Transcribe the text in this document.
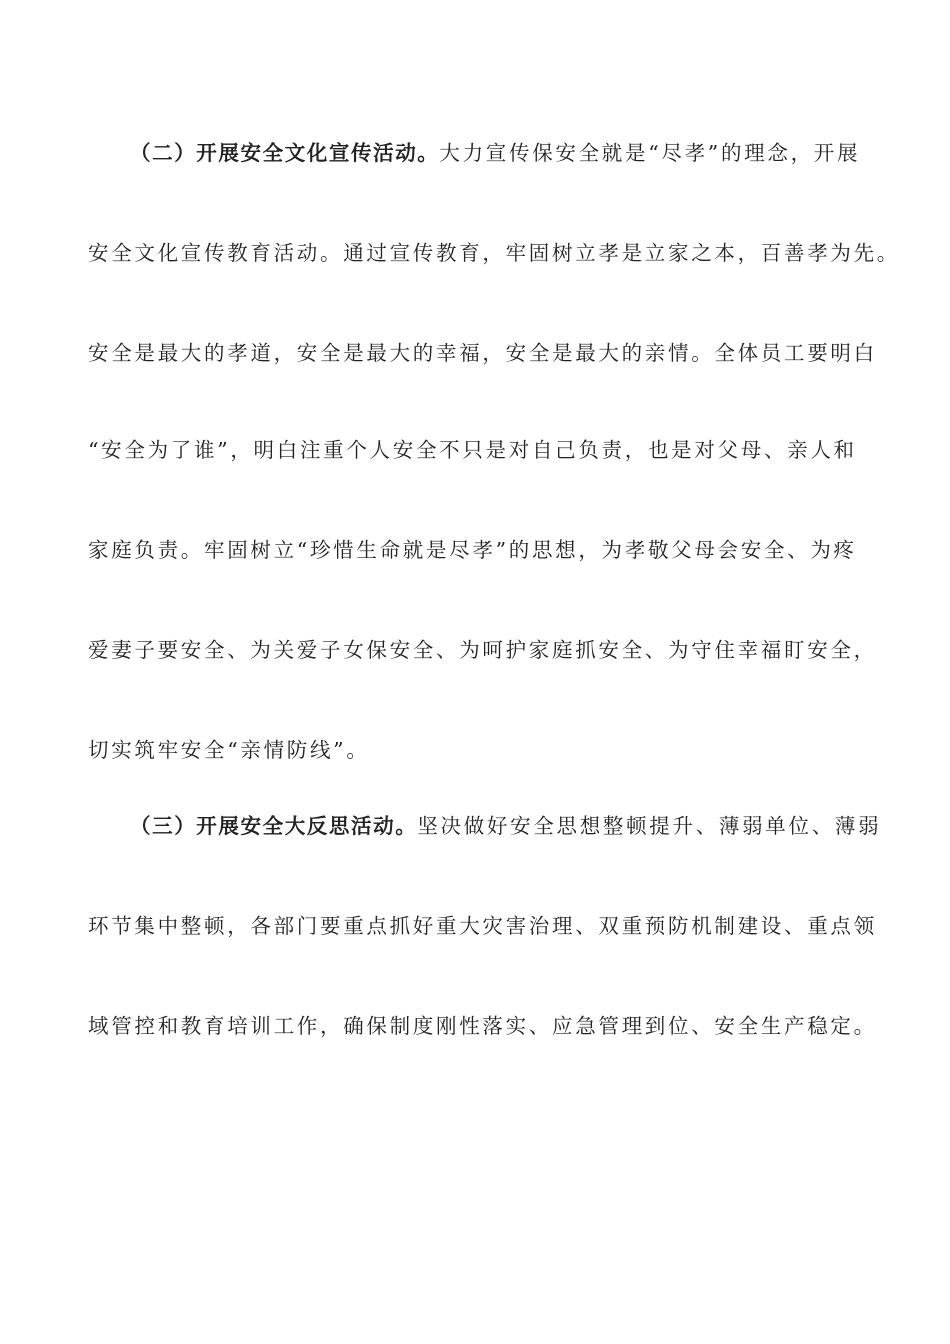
（二）开展安全文化宣传活动。大力宣传保安全就是“尽孝”的理念，开展

安全文化宣传教育活动。通过宣传教育，牢固树立孝是立家之本，百善孝为先。

安全是最大的孝道，安全是最大的幸福，安全是最大的亲情。全体员工要明白

“安全为了谁”，明白注重个人安全不只是对自己负责，也是对父母、亲人和

家庭负责。牢固树立“珍惜生命就是尽孝”的思想，为孝敬父母会安全、为疼

爱妻子要安全、为关爱子女保安全、为呵护家庭抓安全、为守住幸福盯安全，

切实筑牢安全“亲情防线”。

（三）开展安全大反思活动。坚决做好安全思想整顿提升、薄弱单位、薄弱

环节集中整顿，各部门要重点抓好重大灾害治理、双重预防机制建设、重点领

域管控和教育培训工作，确保制度刚性落实、应急管理到位、安全生产稳定。
